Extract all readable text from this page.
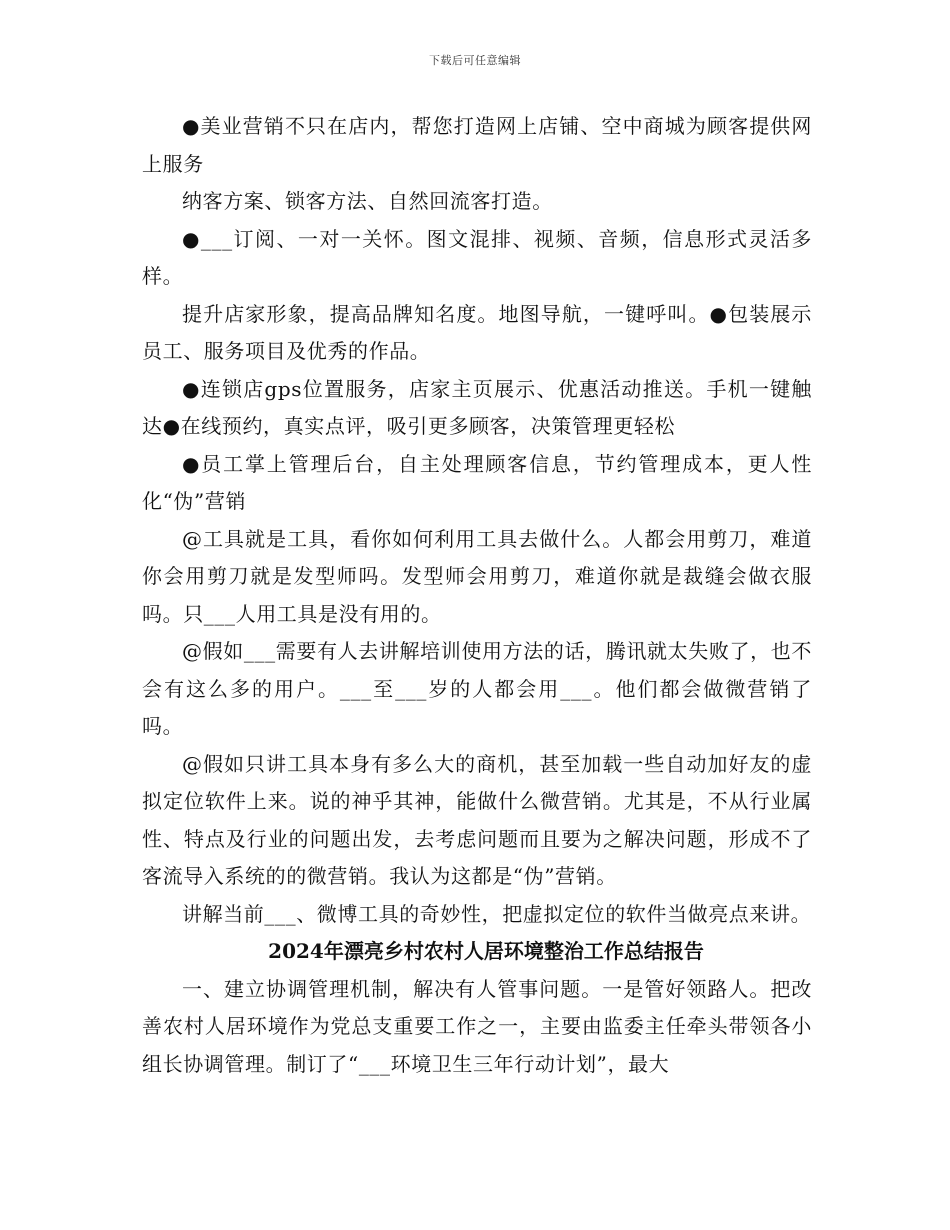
下载后可任意编辑

●美业营销不只在店内，帮您打造网上店铺、空中商城为顾客提供网上服务

纳客方案、锁客方法、自然回流客打造。

●___订阅、一对一关怀。图文混排、视频、音频，信息形式灵活多样。

提升店家形象，提高品牌知名度。地图导航，一键呼叫。●包装展示员工、服务项目及优秀的作品。

●连锁店gps位置服务，店家主页展示、优惠活动推送。手机一键触达●在线预约，真实点评，吸引更多顾客，决策管理更轻松

●员工掌上管理后台，自主处理顾客信息，节约管理成本，更人性化“伪”营销

@工具就是工具，看你如何利用工具去做什么。人都会用剪刀，难道你会用剪刀就是发型师吗。发型师会用剪刀，难道你就是裁缝会做衣服吗。只___人用工具是没有用的。

@假如___需要有人去讲解培训使用方法的话，腾讯就太失败了，也不会有这么多的用户。___至___岁的人都会用___。他们都会做微营销了吗。

@假如只讲工具本身有多么大的商机，甚至加载一些自动加好友的虚拟定位软件上来。说的神乎其神，能做什么微营销。尤其是，不从行业属性、特点及行业的问题出发，去考虑问题而且要为之解决问题，形成不了客流导入系统的的微营销。我认为这都是“伪”营销。

讲解当前___、微博工具的奇妙性，把虚拟定位的软件当做亮点来讲。

2024年漂亮乡村农村人居环境整治工作总结报告

一、建立协调管理机制，解决有人管事问题。一是管好领路人。把改善农村人居环境作为党总支重要工作之一，主要由监委主任牵头带领各小组长协调管理。制订了“___环境卫生三年行动计划”，最大
